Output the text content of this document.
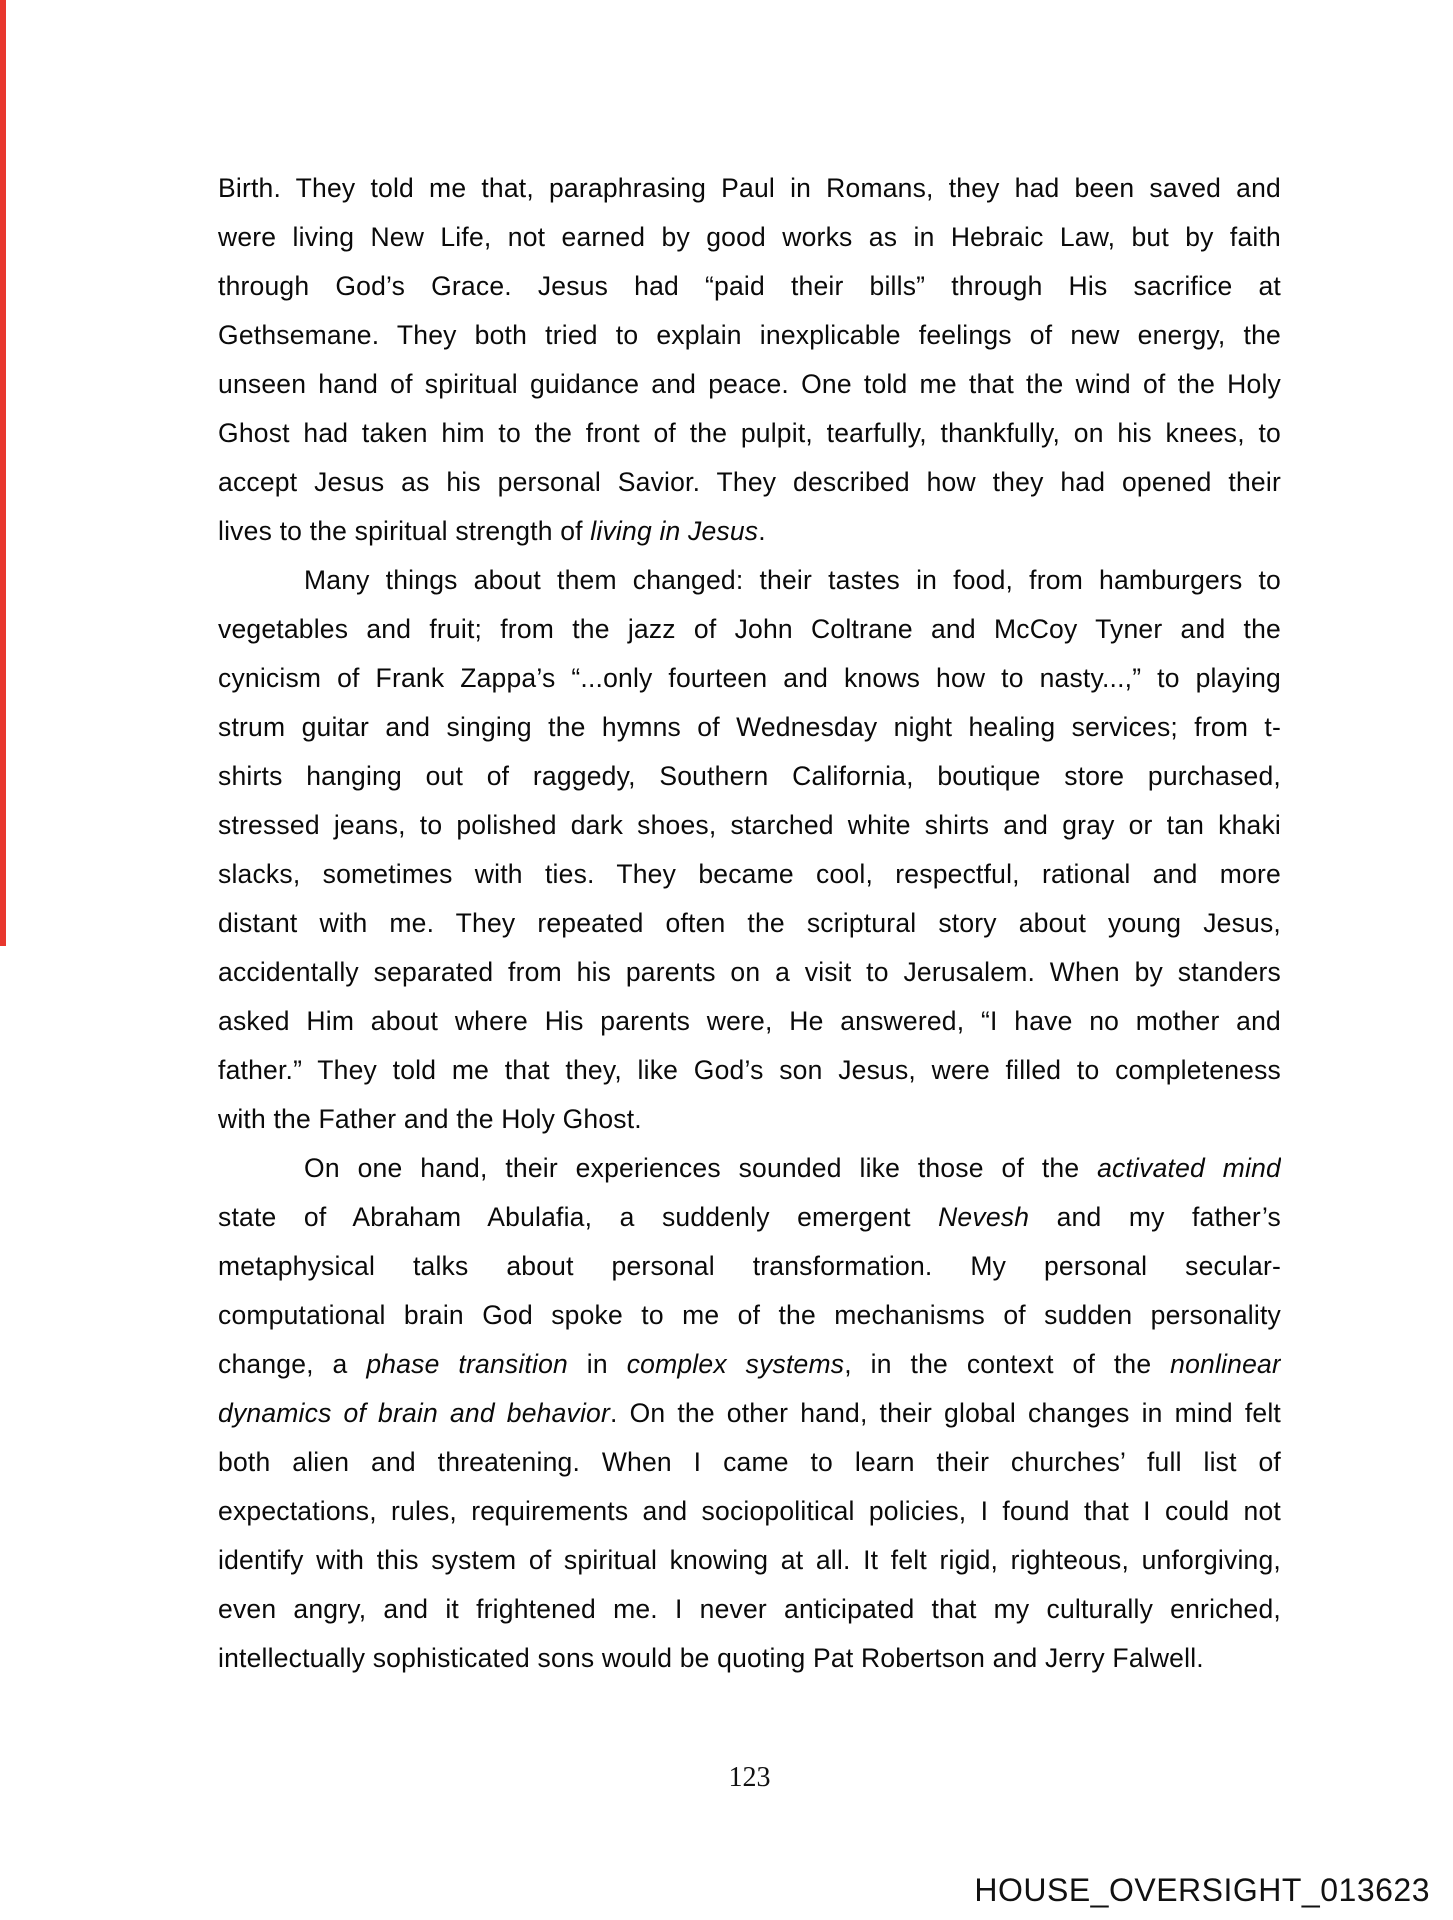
Birth. They told me that, paraphrasing Paul in Romans, they had been saved and
were living New Life, not earned by good works as in Hebraic Law, but by faith
through God’s Grace. Jesus had “paid their bills” through His sacrifice at
Gethsemane. They both tried to explain inexplicable feelings of new energy, the
unseen hand of spiritual guidance and peace. One told me that the wind of the Holy
Ghost had taken him to the front of the pulpit, tearfully, thankfully, on his knees, to
accept Jesus as his personal Savior. They described how they had opened their
lives to the spiritual strength of living in Jesus.
Many things about them changed: their tastes in food, from hamburgers to
vegetables and fruit; from the jazz of John Coltrane and McCoy Tyner and the
cynicism of Frank Zappa’s “...only fourteen and knows how to nasty...,” to playing
strum guitar and singing the hymns of Wednesday night healing services; from t-
shirts hanging out of raggedy, Southern California, boutique store purchased,
stressed jeans, to polished dark shoes, starched white shirts and gray or tan khaki
slacks, sometimes with ties. They became cool, respectful, rational and more
distant with me. They repeated often the scriptural story about young Jesus,
accidentally separated from his parents on a visit to Jerusalem. When by standers
asked Him about where His parents were, He answered, “I have no mother and
father.” They told me that they, like God’s son Jesus, were filled to completeness
with the Father and the Holy Ghost.
On one hand, their experiences sounded like those of the activated mind
state of Abraham Abulafia, a suddenly emergent Nevesh and my father’s
metaphysical talks about personal transformation. My personal secular-
computational brain God spoke to me of the mechanisms of sudden personality
change, a phase transition in complex systems, in the context of the nonlinear
dynamics of brain and behavior. On the other hand, their global changes in mind felt
both alien and threatening. When I came to learn their churches’ full list of
expectations, rules, requirements and sociopolitical policies, I found that I could not
identify with this system of spiritual knowing at all. It felt rigid, righteous, unforgiving,
even angry, and it frightened me. I never anticipated that my culturally enriched,
intellectually sophisticated sons would be quoting Pat Robertson and Jerry Falwell.
123
HOUSE_OVERSIGHT_013623
